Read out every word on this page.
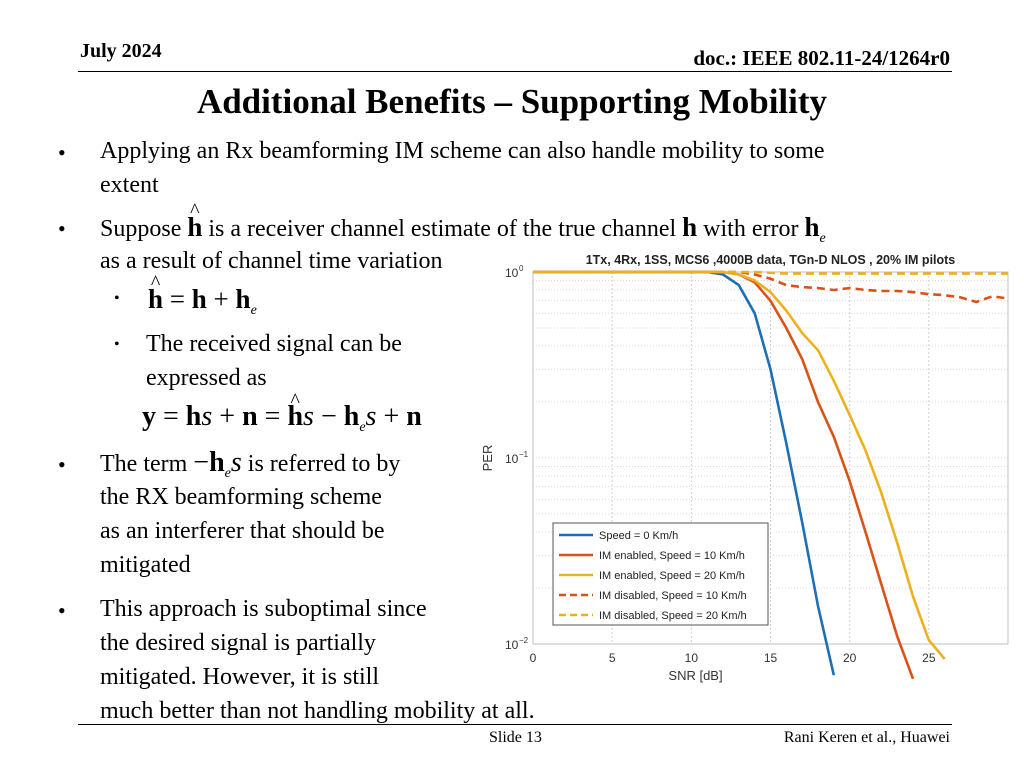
July 2024	doc.: IEEE 802.11-24/1264r0
Additional Benefits – Supporting Mobility
• Applying an Rx beamforming IM scheme can also handle mobility to some
extent
• Suppose ^ h is a receiver channel estimate of the true channel h with error $h_e$
as a result of channel time variation
• ^ $h = h + h_e$
• The received signal can be
expressed as
y = hs + n = ^ hs − $h_es + n$
• The term $-h_es$ is referred to by
the RX beamforming scheme
as an interferer that should be
mitigated
• This approach is suboptimal since
the desired signal is partially
mitigated. However, it is still
much better than not handling mobility at all.
1Tx, 4Rx, 1SS, MCS6 ,4000B data, TGn-D NLOS , 20% IM pilots
0	5	10	15	20	25
10 0
10 −1
10 −2
SNR [dB]
PER
Speed = 0 Km/h
IM enabled, Speed = 10 Km/h
IM enabled, Speed = 20 Km/h
IM disabled, Speed = 10 Km/h
IM disabled, Speed = 20 Km/h
Slide 13	Rani Keren et al., Huawei
